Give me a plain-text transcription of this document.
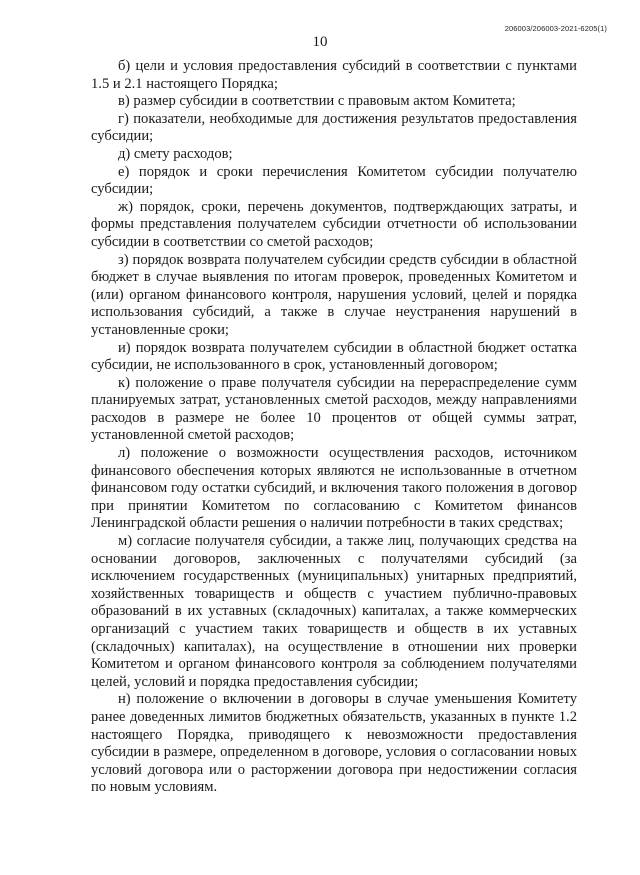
206003/206003-2021-6205(1)
10

б) цели и условия предоставления субсидий в соответствии с пунктами 1.5 и 2.1 настоящего Порядка;

в) размер субсидии в соответствии с правовым актом Комитета;

г) показатели, необходимые для достижения результатов предоставления субсидии;

д) смету расходов;

е) порядок и сроки перечисления Комитетом субсидии получателю субсидии;

ж) порядок, сроки, перечень документов, подтверждающих затраты, и формы представления получателем субсидии отчетности об использовании субсидии в соответствии со сметой расходов;

з) порядок возврата получателем субсидии средств субсидии в областной бюджет в случае выявления по итогам проверок, проведенных Комитетом и (или) органом финансового контроля, нарушения условий, целей и порядка использования субсидий, а также в случае неустранения нарушений в установленные сроки;

и) порядок возврата получателем субсидии в областной бюджет остатка субсидии, не использованного в срок, установленный договором;

к) положение о праве получателя субсидии на перераспределение сумм планируемых затрат, установленных сметой расходов, между направлениями расходов в размере не более 10 процентов от общей суммы затрат, установленной сметой расходов;

л) положение о возможности осуществления расходов, источником финансового обеспечения которых являются не использованные в отчетном финансовом году остатки субсидий, и включения такого положения в договор при принятии Комитетом по согласованию с Комитетом финансов Ленинградской области решения о наличии потребности в таких средствах;

м) согласие получателя субсидии, а также лиц, получающих средства на основании договоров, заключенных с получателями субсидий (за исключением государственных (муниципальных) унитарных предприятий, хозяйственных товариществ и обществ с участием публично-правовых образований в их уставных (складочных) капиталах, а также коммерческих организаций с участием таких товариществ и обществ в их уставных (складочных) капиталах), на осуществление в отношении них проверки Комитетом и органом финансового контроля за соблюдением получателями целей, условий и порядка предоставления субсидии;

н) положение о включении в договоры в случае уменьшения Комитету ранее доведенных лимитов бюджетных обязательств, указанных в пункте 1.2 настоящего Порядка, приводящего к невозможности предоставления субсидии в размере, определенном в договоре, условия о согласовании новых условий договора или о расторжении договора при недостижении согласия по новым условиям.
